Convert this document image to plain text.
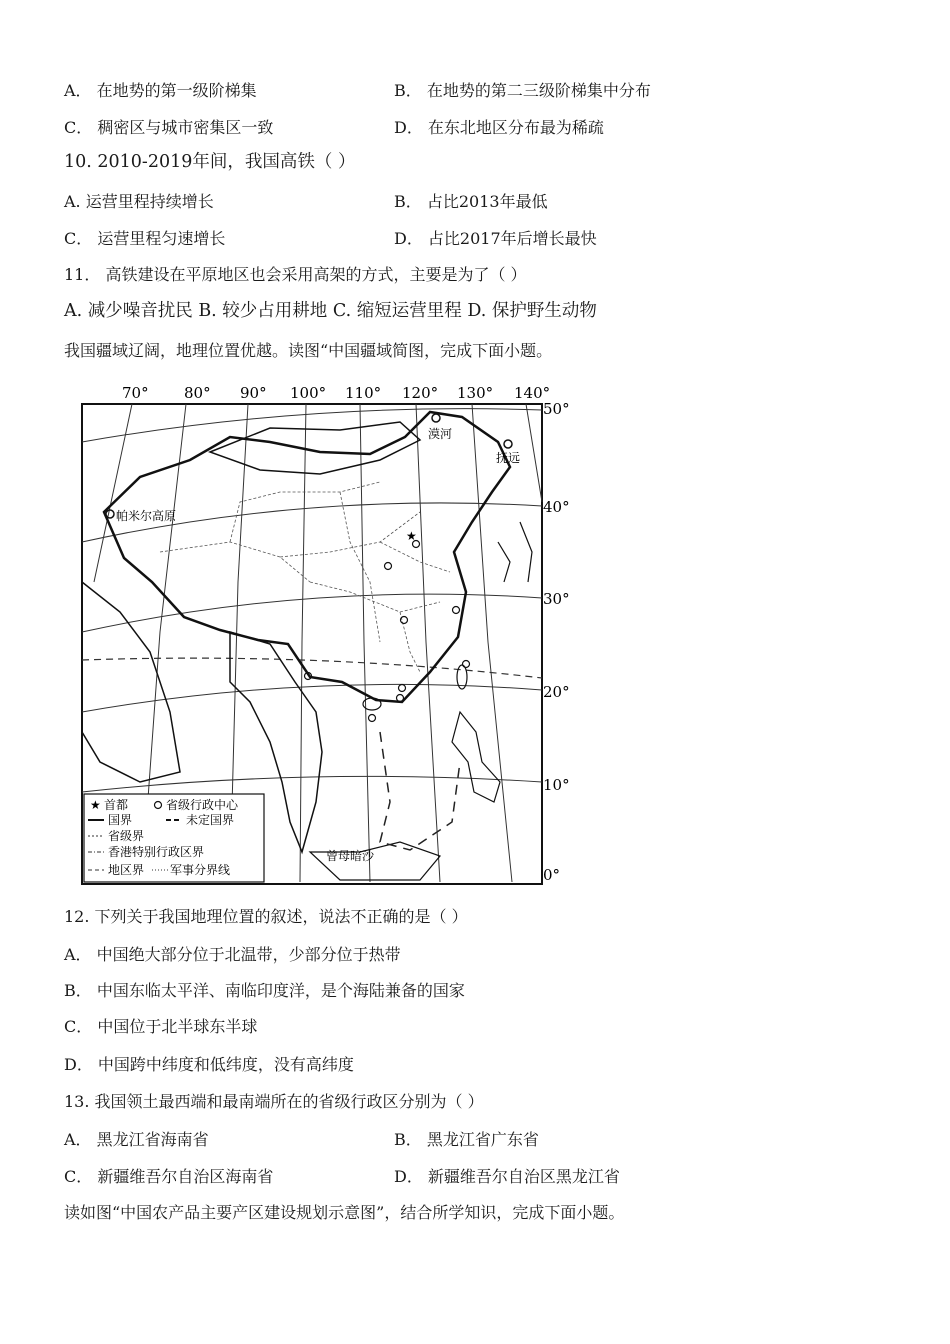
A． 在地势的第一级阶梯集	B． 在地势的第二三级阶梯集中分布
C． 稠密区与城市密集区一致	D． 在东北地区分布最为稀疏
10. 2010-2019年间，我国高铁（ ）
A. 运营里程持续增长	B． 占比2013年最低
C． 运营里程匀速增长	D． 占比2017年后增长最快
11． 高铁建设在平原地区也会采用高架的方式，主要是为了（ ）
A. 减少噪音扰民 B. 较少占用耕地 C. 缩短运营里程 D. 保护野生动物
我国疆域辽阔，地理位置优越。读图“中国疆域简图，完成下面小题。
70° 80° 90° 100° 110° 120° 130° 140°
50°
40°
30°
20°
10°
0°
★
漠河
抚远
帕米尔高原
曾母暗沙
★ 首都	省级行政中心
国界	未定国界
省级界
香港特别行政区界
地区界 军事分界线
12. 下列关于我国地理位置的叙述，说法不正确的是（ ）
A． 中国绝大部分位于北温带，少部分位于热带
B． 中国东临太平洋、南临印度洋，是个海陆兼备的国家
C． 中国位于北半球东半球
D． 中国跨中纬度和低纬度，没有高纬度
13. 我国领土最西端和最南端所在的省级行政区分别为（ ）
A． 黑龙江省海南省	B． 黑龙江省广东省
C． 新疆维吾尔自治区海南省	D． 新疆维吾尔自治区黑龙江省
读如图“中国农产品主要产区建设规划示意图”，结合所学知识，完成下面小题。
